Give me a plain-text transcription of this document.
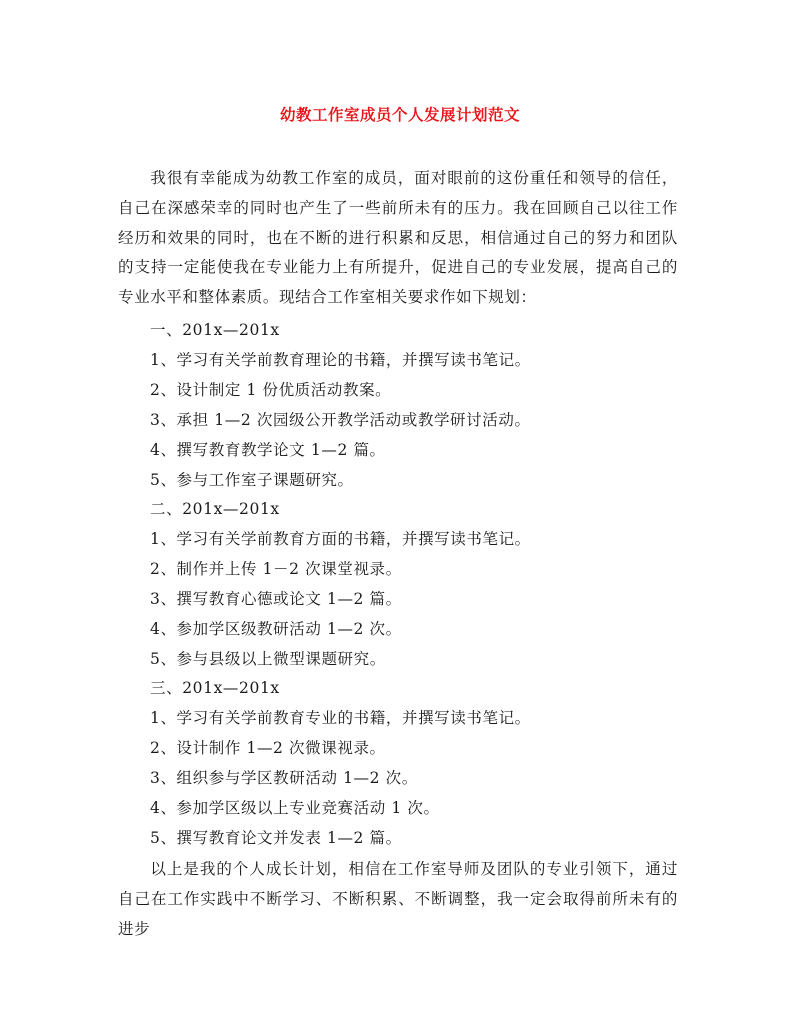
幼教工作室成员个人发展计划范文
我很有幸能成为幼教工作室的成员，面对眼前的这份重任和领导的信任，自己在深感荣幸的同时也产生了一些前所未有的压力。我在回顾自己以往工作经历和效果的同时，也在不断的进行积累和反思，相信通过自己的努力和团队的支持一定能使我在专业能力上有所提升，促进自己的专业发展，提高自己的专业水平和整体素质。现结合工作室相关要求作如下规划：
一、201x—201x
1、学习有关学前教育理论的书籍，并撰写读书笔记。
2、设计制定 1 份优质活动教案。
3、承担 1—2 次园级公开教学活动或教学研讨活动。
4、撰写教育教学论文 1—2 篇。
5、参与工作室子课题研究。
二、201x—201x
1、学习有关学前教育方面的书籍，并撰写读书笔记。
2、制作并上传 1－2 次课堂视录。
3、撰写教育心德或论文 1—2 篇。
4、参加学区级教研活动 1—2 次。
5、参与县级以上微型课题研究。
三、201x—201x
1、学习有关学前教育专业的书籍，并撰写读书笔记。
2、设计制作 1—2 次微课视录。
3、组织参与学区教研活动 1—2 次。
4、参加学区级以上专业竞赛活动 1 次。
5、撰写教育论文并发表 1—2 篇。
以上是我的个人成长计划，相信在工作室导师及团队的专业引领下，通过自己在工作实践中不断学习、不断积累、不断调整，我一定会取得前所未有的进步
